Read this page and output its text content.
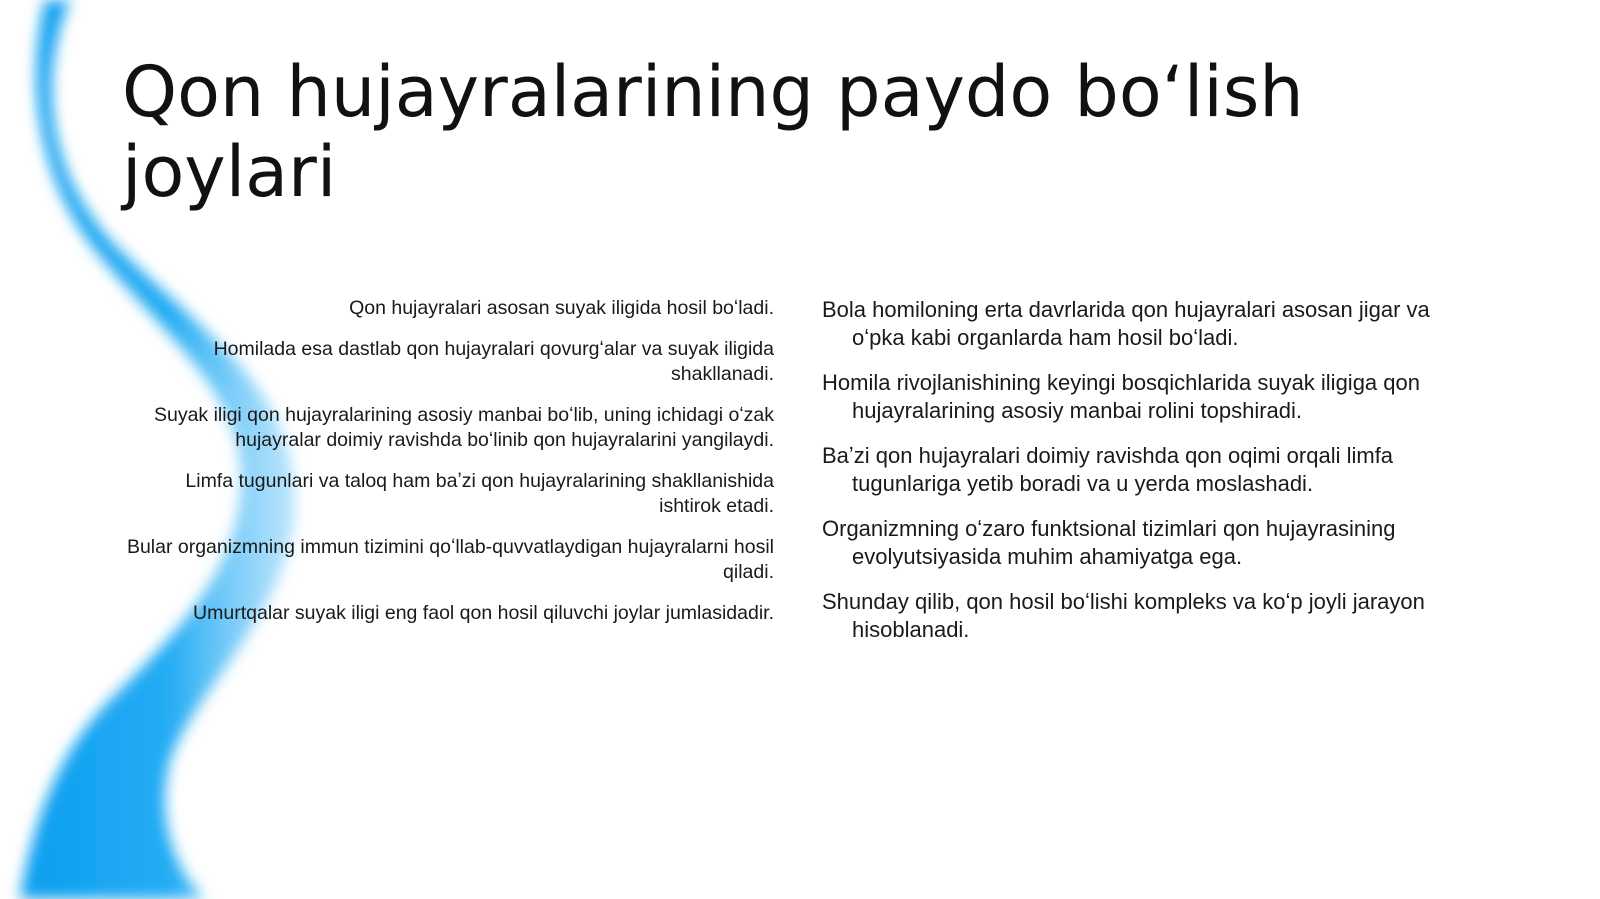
Qon hujayralarining paydo boʻlish joylari

Qon hujayralari asosan suyak iligida hosil boʻladi.

Homilada esa dastlab qon hujayralari qovurgʻalar va suyak iligida shakllanadi.

Suyak iligi qon hujayralarining asosiy manbai boʻlib, uning ichidagi oʻzak hujayralar doimiy ravishda boʻlinib qon hujayralarini yangilaydi.

Limfa tugunlari va taloq ham baʼzi qon hujayralarining shakllanishida ishtirok etadi.

Bular organizmning immun tizimini qoʻllab-quvvatlaydigan hujayralarni hosil qiladi.

Umurtqalar suyak iligi eng faol qon hosil qiluvchi joylar jumlasidadir.

Bola homiloning erta davrlarida qon hujayralari asosan jigar va oʻpka kabi organlarda ham hosil boʻladi.

Homila rivojlanishining keyingi bosqichlarida suyak iligiga qon hujayralarining asosiy manbai rolini topshiradi.

Baʼzi qon hujayralari doimiy ravishda qon oqimi orqali limfa tugunlariga yetib boradi va u yerda moslashadi.

Organizmning oʻzaro funktsional tizimlari qon hujayrasining evolyutsiyasida muhim ahamiyatga ega.

Shunday qilib, qon hosil boʻlishi kompleks va koʻp joyli jarayon hisoblanadi.
